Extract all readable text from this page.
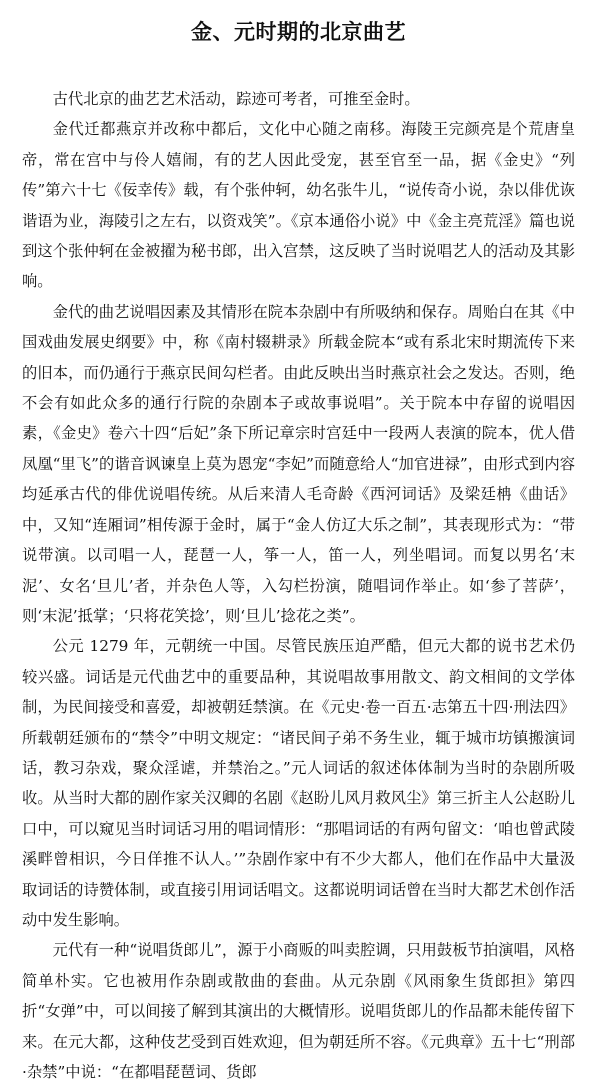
金、元时期的北京曲艺

古代北京的曲艺艺术活动，踪迹可考者，可推至金时。

金代迁都燕京并改称中都后，文化中心随之南移。海陵王完颜亮是个荒唐皇帝，常在宫中与伶人嬉闹，有的艺人因此受宠，甚至官至一品，据《金史》“列传”第六十七《佞幸传》载，有个张仲轲，幼名张牛儿，“说传奇小说，杂以俳优诙谐语为业，海陵引之左右，以资戏笑”。《京本通俗小说》中《金主亮荒淫》篇也说到这个张仲轲在金被擢为秘书郎，出入宫禁，这反映了当时说唱艺人的活动及其影响。

金代的曲艺说唱因素及其情形在院本杂剧中有所吸纳和保存。周贻白在其《中国戏曲发展史纲要》中，称《南村辍耕录》所载金院本“或有系北宋时期流传下来的旧本，而仍通行于燕京民间勾栏者。由此反映出当时燕京社会之发达。否则，绝不会有如此众多的通行行院的杂剧本子或故事说唱”。关于院本中存留的说唱因素，《金史》卷六十四“后妃”条下所记章宗时宫廷中一段两人表演的院本，优人借凤凰“里飞”的谐音讽谏皇上莫为恩宠“李妃”而随意给人“加官进禄”，由形式到内容均延承古代的俳优说唱传统。从后来清人毛奇龄《西河词话》及梁廷柟《曲话》中，又知“连厢词”相传源于金时，属于“金人仿辽大乐之制”，其表现形式为：“带说带演。以司唱一人，琵琶一人，筝一人，笛一人，列坐唱词。而复以男名‘末泥’、女名‘旦儿’者，并杂色人等，入勾栏扮演，随唱词作举止。如‘参了菩萨’，则‘末泥’抵掌；‘只将花笑捻’，则‘旦儿’捻花之类”。

公元 1279 年，元朝统一中国。尽管民族压迫严酷，但元大都的说书艺术仍较兴盛。词话是元代曲艺中的重要品种，其说唱故事用散文、韵文相间的文学体制，为民间接受和喜爱，却被朝廷禁演。在《元史·卷一百五·志第五十四·刑法四》所载朝廷颁布的“禁令”中明文规定：“诸民间子弟不务生业，辄于城市坊镇搬演词话，教习杂戏，聚众淫谑，并禁治之。”元人词话的叙述体体制为当时的杂剧所吸收。从当时大都的剧作家关汉卿的名剧《赵盼儿风月救风尘》第三折主人公赵盼儿口中，可以窥见当时词话习用的唱词情形：“那唱词话的有两句留文：‘咱也曾武陵溪畔曾相识，今日佯推不认人。’”杂剧作家中有不少大都人，他们在作品中大量汲取词话的诗赞体制，或直接引用词话唱文。这都说明词话曾在当时大都艺术创作活动中发生影响。

元代有一种“说唱货郎儿”，源于小商贩的叫卖腔调，只用鼓板节拍演唱，风格简单朴实。它也被用作杂剧或散曲的套曲。从元杂剧《风雨象生货郎担》第四折“女弹”中，可以间接了解到其演出的大概情形。说唱货郎儿的作品都未能传留下来。在元大都，这种伎艺受到百姓欢迎，但为朝廷所不容。《元典章》五十七“刑部·杂禁”中说：“在都唱琵琶词、货郎
